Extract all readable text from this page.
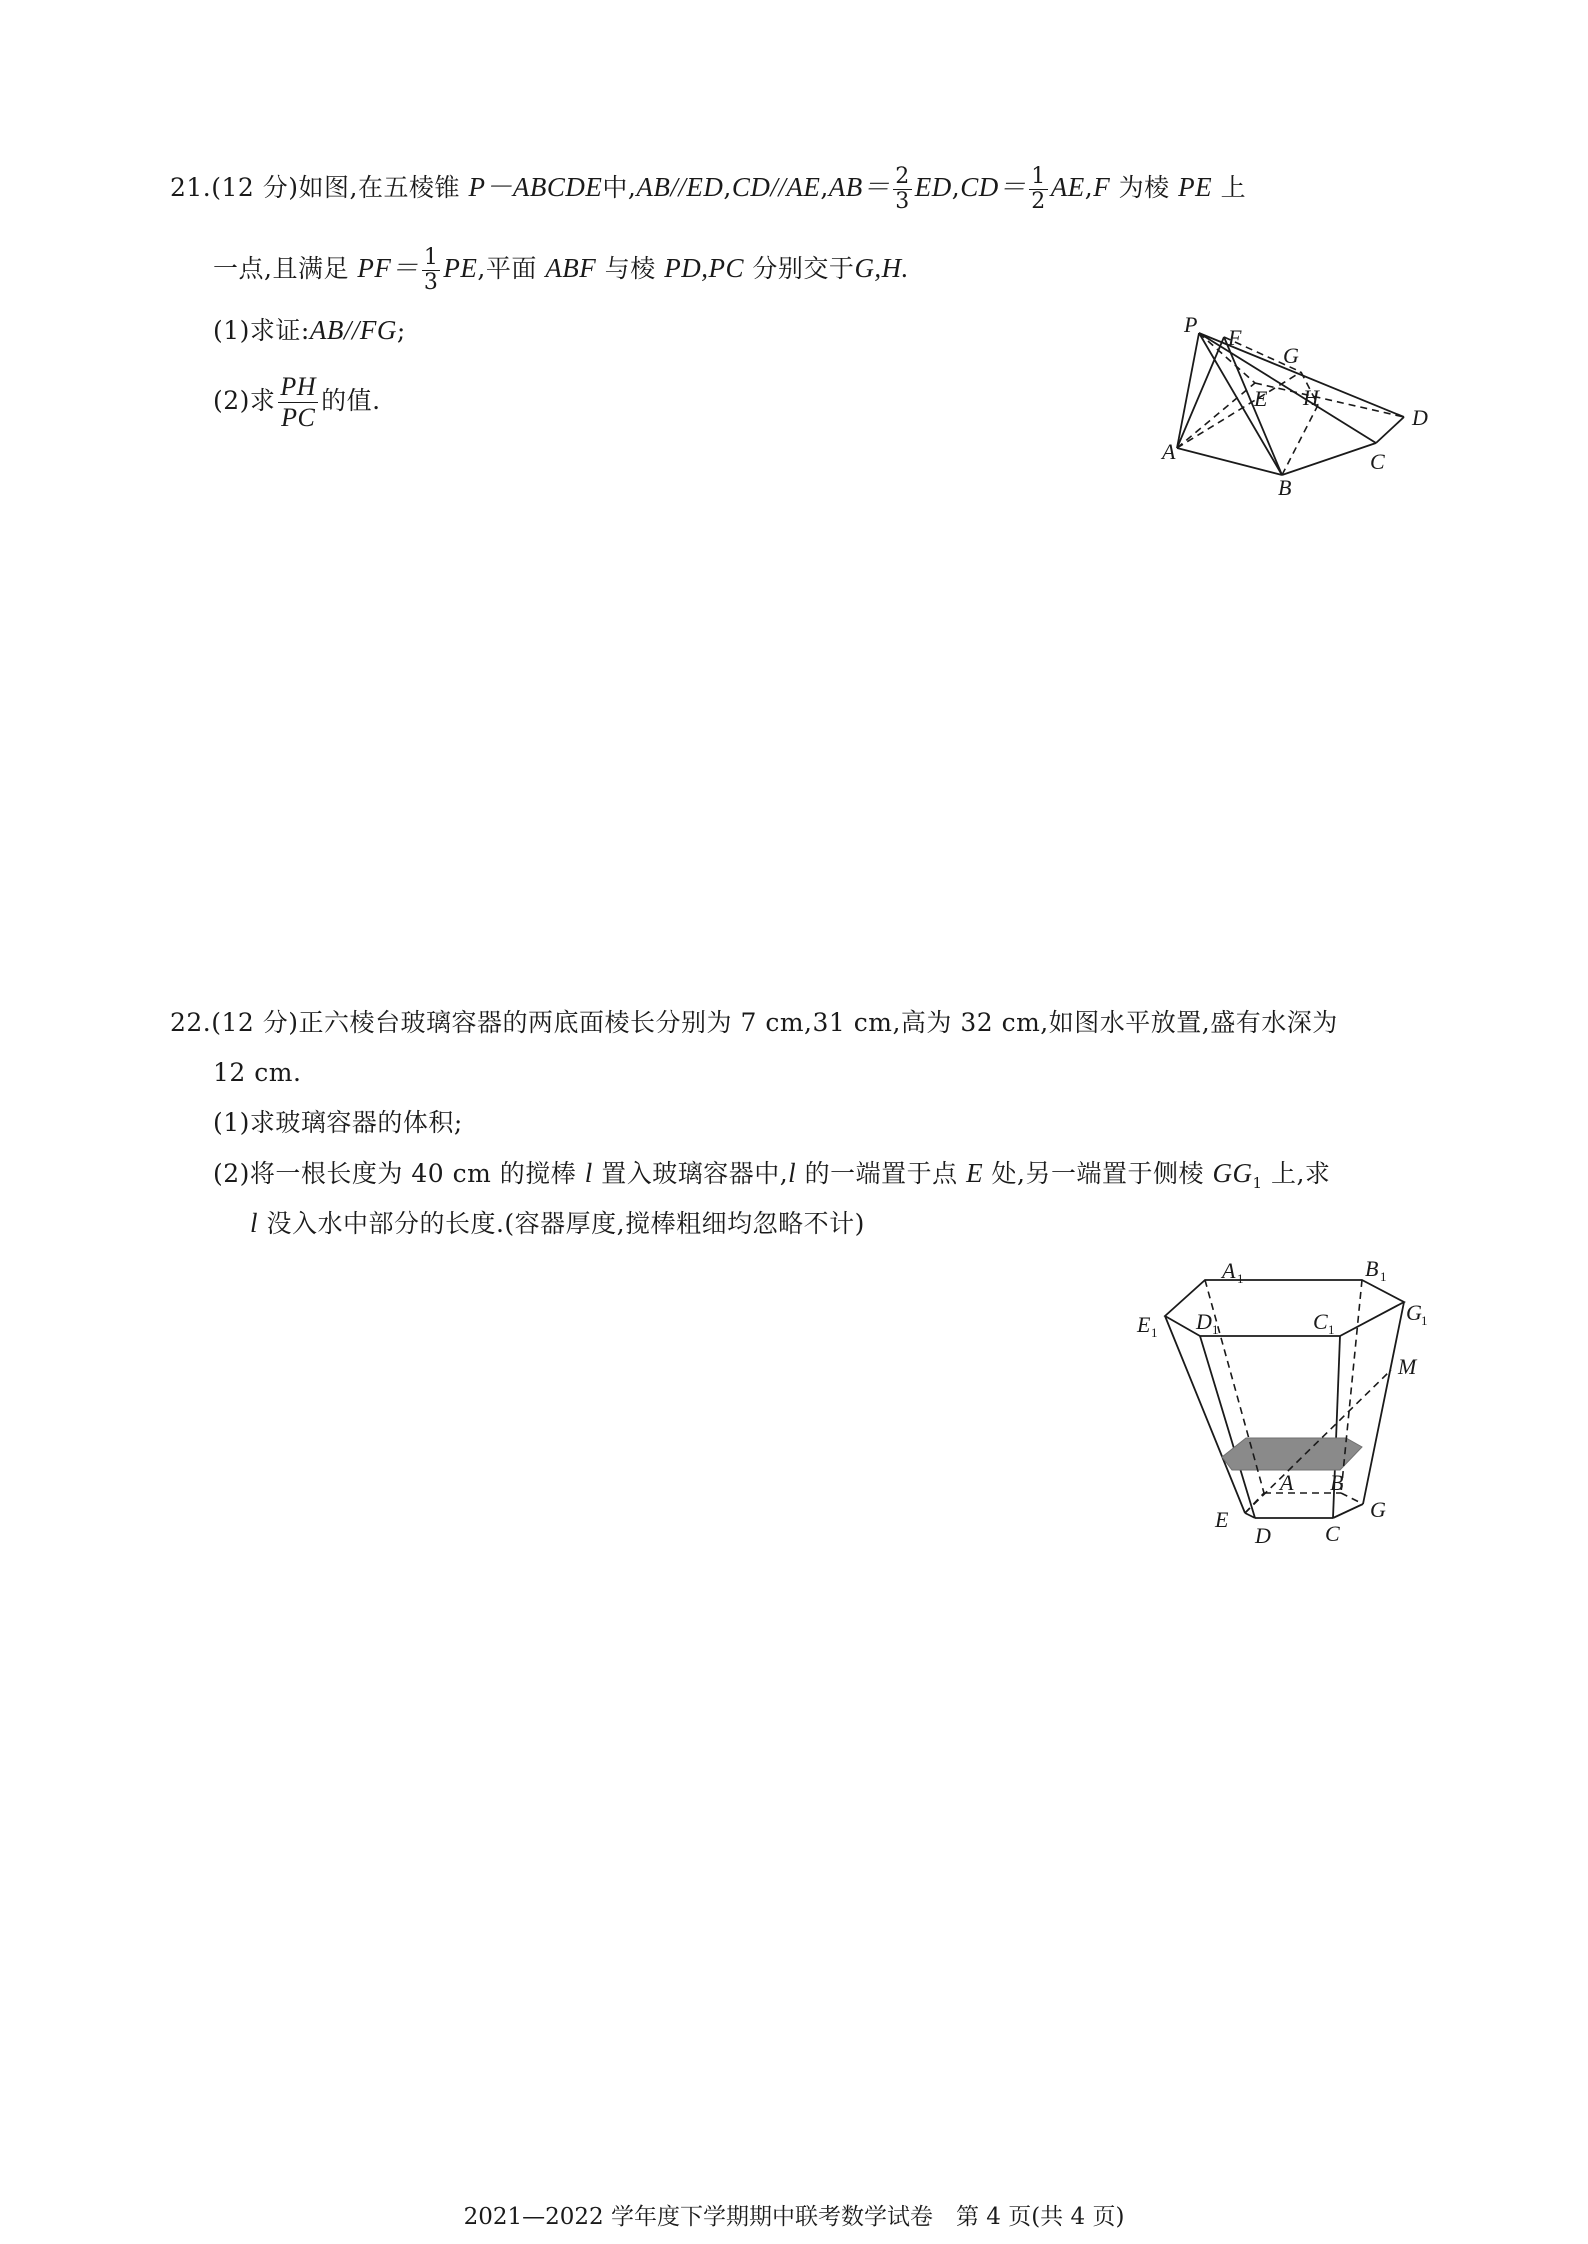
21.(12 分)如图,在五棱锥 P－ABCDE中$,AB//ED,CD//AE,AB= \frac{2}{3} ED,CD= \frac{1}{2} AE,F$ 为棱 PE 上
一点,且满足 $PF= \frac{1}{3}$ PE,平面 ABF 与棱 PD,PC 分别交于G,H.
(1)求证:AB//FG;
(2)求 $\frac{PH}{PC}$ 的值.
P
F
G
E H
D
C
A
B
22.(12 分)正六棱台玻璃容器的两底面棱长分别为 7 cm,31 cm,高为 32 cm,如图水平放置,盛有水深为
12 cm.
(1)求玻璃容器的体积;
(2)将一根长度为 40 cm 的搅棒 l 置入玻璃容器中,l 的一端置于点 E 处,另一端置于侧棱 $GG_1$ 上,求
l 没入水中部分的长度.(容器厚度,搅棒粗细均忽略不计)
A 1	B 1
E 1 D 1	C 1
G 1
M
A B
E
D C
G
2021—2022 学年度下学期期中联考数学试卷　第 4 页(共 4 页)
